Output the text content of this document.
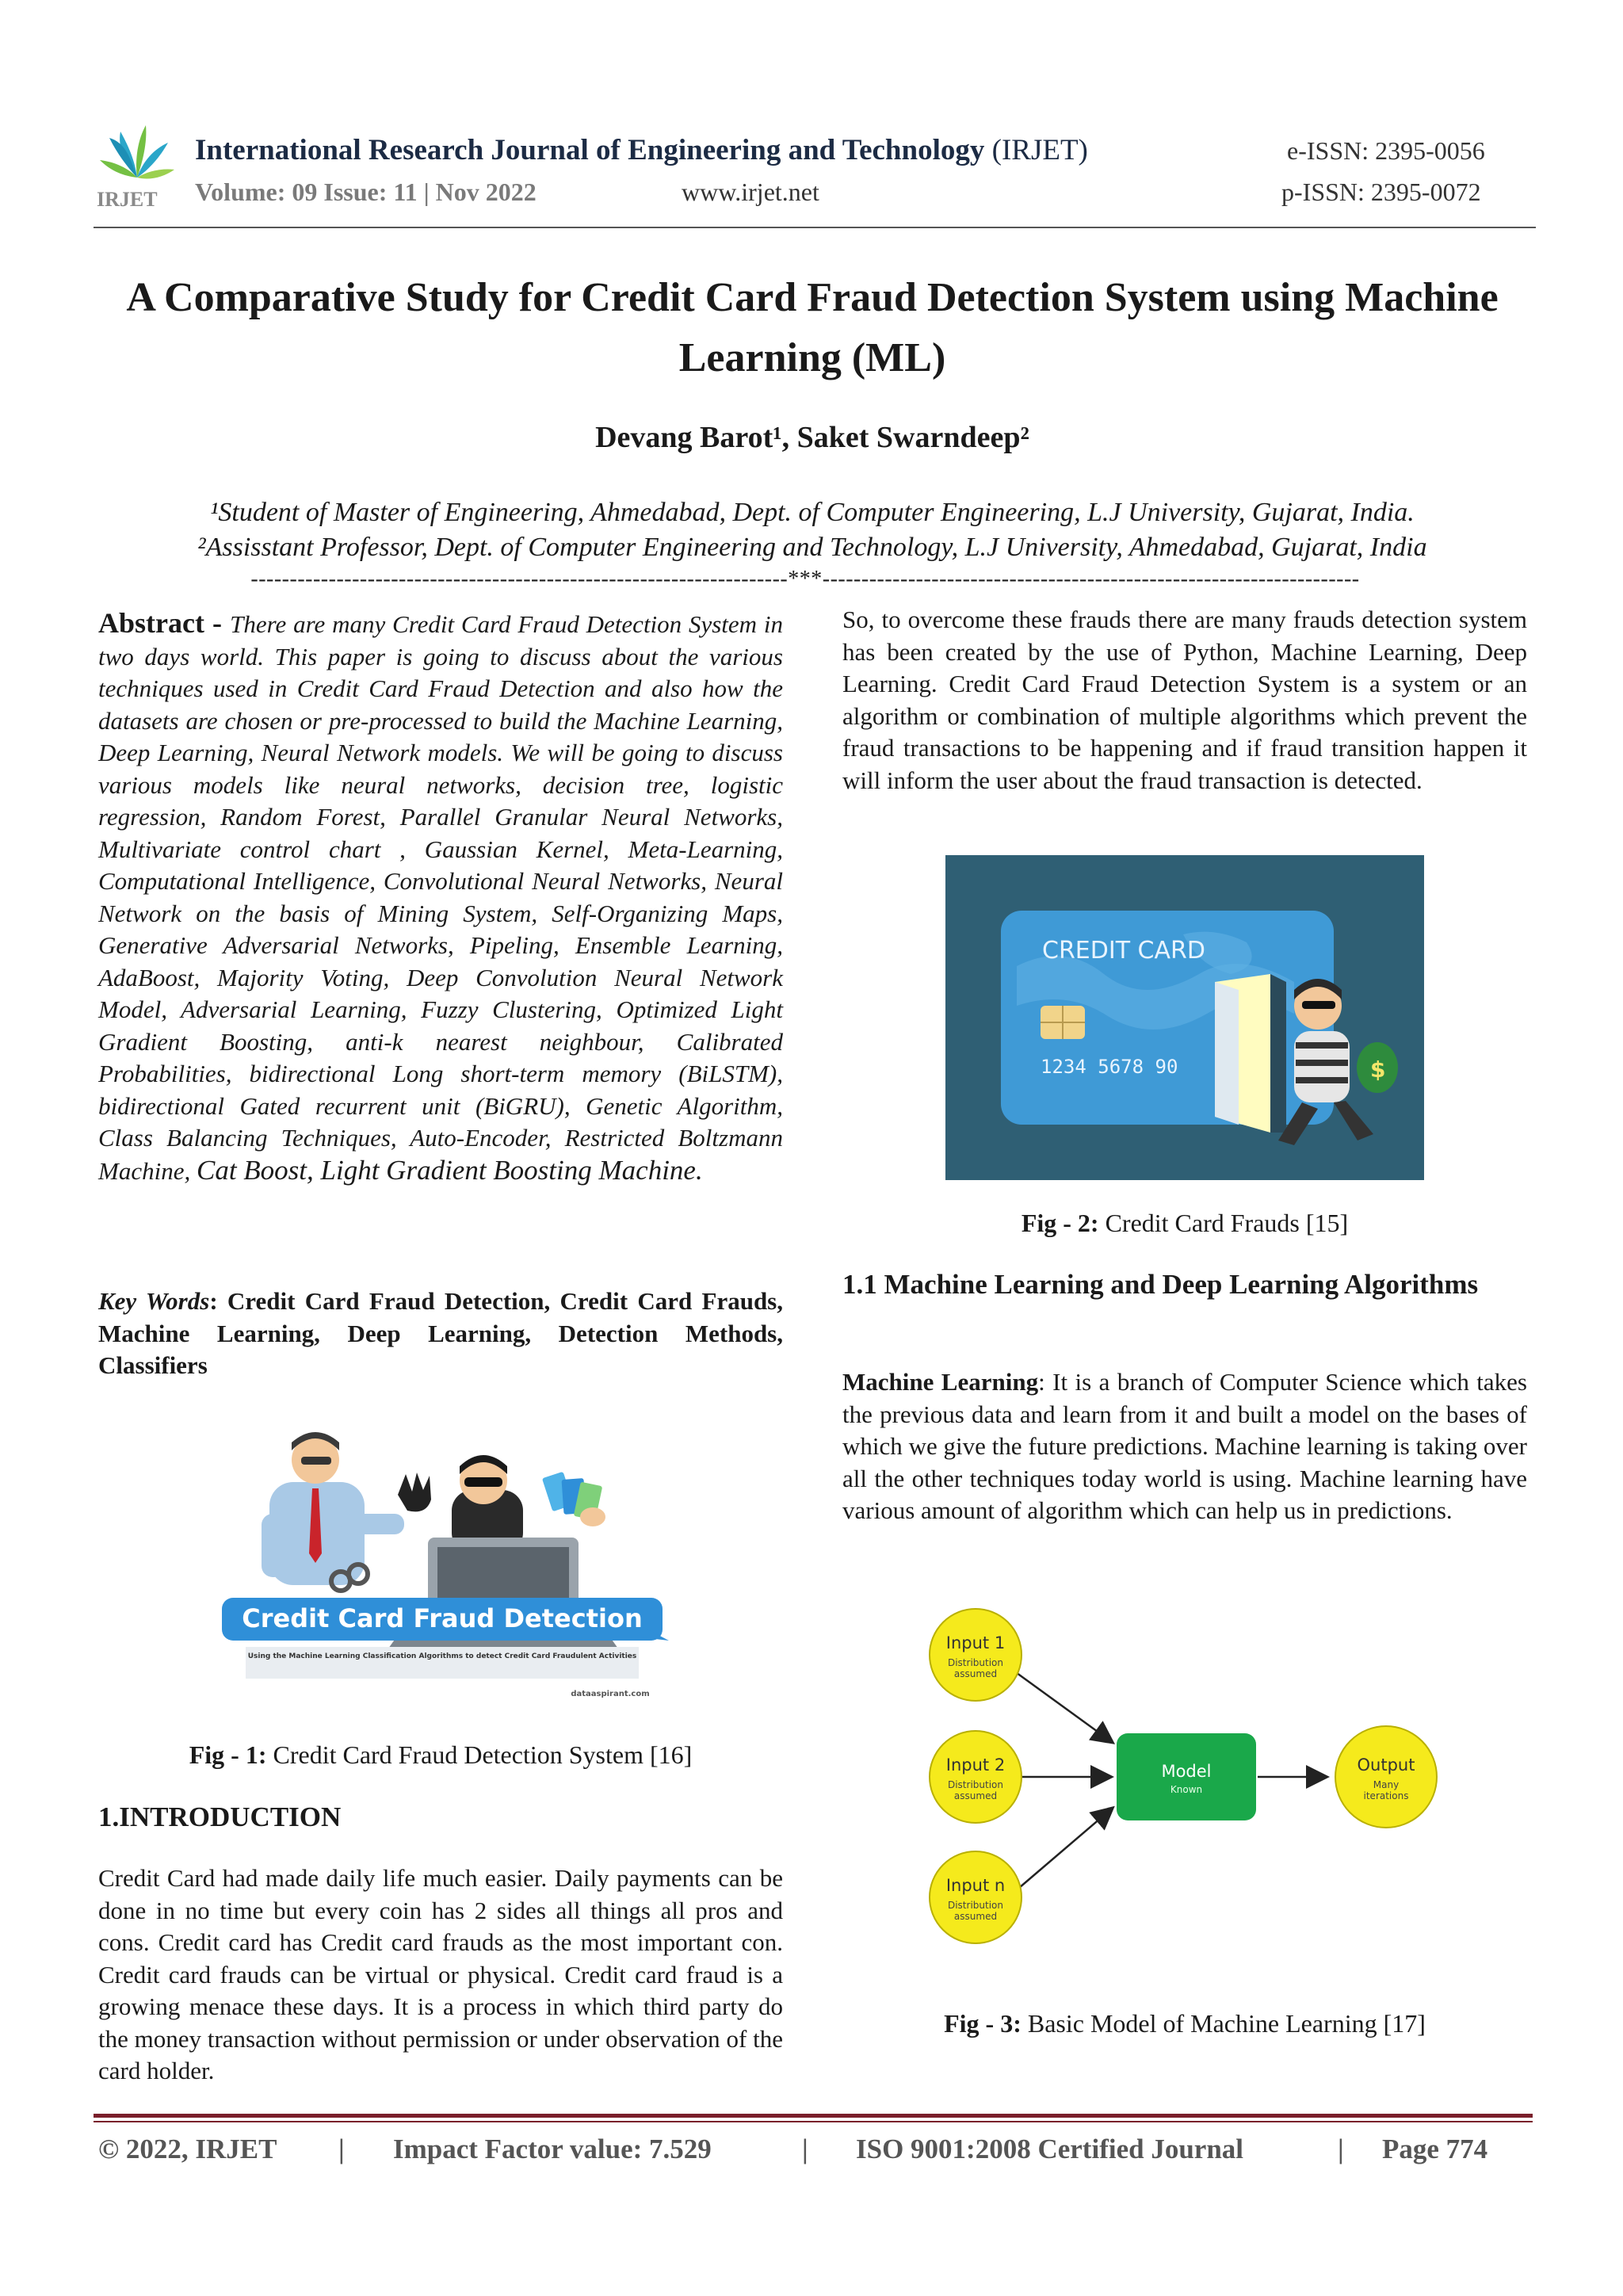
IRJET
International Research Journal of Engineering and Technology (IRJET)	e-ISSN: 2395-0056
Volume: 09 Issue: 11 | Nov 2022	www.irjet.net	p-ISSN: 2395-0072
A Comparative Study for Credit Card Fraud Detection System using Machine Learning (ML)
Devang Barot¹, Saket Swarndeep²
¹Student of Master of Engineering, Ahmedabad, Dept. of Computer Engineering, L.J University, Gujarat, India.
²Assisstant Professor, Dept. of Computer Engineering and Technology, L.J University, Ahmedabad, Gujarat, India
---------------------------------------------------------------------***---------------------------------------------------------------------
Abstract - There are many Credit Card Fraud Detection System in two days world. This paper is going to discuss about the various techniques used in Credit Card Fraud Detection and also how the datasets are chosen or pre-processed to build the Machine Learning, Deep Learning, Neural Network models. We will be going to discuss various models like neural networks, decision tree, logistic regression, Random Forest, Parallel Granular Neural Networks, Multivariate control chart , Gaussian Kernel, Meta-Learning, Computational Intelligence, Convolutional Neural Networks, Neural Network on the basis of Mining System, Self-Organizing Maps, Generative Adversarial Networks, Pipeling, Ensemble Learning, AdaBoost, Majority Voting, Deep Convolution Neural Network Model, Adversarial Learning, Fuzzy Clustering, Optimized Light Gradient Boosting, anti-k nearest neighbour, Calibrated Probabilities, bidirectional Long short-term memory (BiLSTM), bidirectional Gated recurrent unit (BiGRU), Genetic Algorithm, Class Balancing Techniques, Auto-Encoder, Restricted Boltzmann Machine, Cat Boost, Light Gradient Boosting Machine.
Key Words: Credit Card Fraud Detection, Credit Card Frauds, Machine Learning, Deep Learning, Detection Methods, Classifiers
Credit Card Fraud Detection
Using the Machine Learning Classification Algorithms to detect Credit Card Fraudulent Activities
dataaspirant.com
Fig - 1: Credit Card Fraud Detection System [16]
1.INTRODUCTION
Credit Card had made daily life much easier. Daily payments can be done in no time but every coin has 2 sides all things all pros and cons. Credit card has Credit card frauds as the most important con. Credit card frauds can be virtual or physical. Credit card fraud is a growing menace these days. It is a process in which third party do the money transaction without permission or under observation of the card holder.
So, to overcome these frauds there are many frauds detection system has been created by the use of Python, Machine Learning, Deep Learning. Credit Card Fraud Detection System is a system or an algorithm or combination of multiple algorithms which prevent the fraud transactions to be happening and if fraud transition happen it will inform the user about the fraud transaction is detected.
CREDIT CARD
1234 5678 90	$
Fig - 2: Credit Card Frauds [15]
1.1 Machine Learning and Deep Learning Algorithms
Machine Learning: It is a branch of Computer Science which takes the previous data and learn from it and built a model on the bases of which we give the future predictions. Machine learning is taking over all the other techniques today world is using. Machine learning have various amount of algorithm which can help us in predictions.
Input 1
Distribution
assumed
Input 2
Distribution
assumed
Input n
Distribution
assumed
Model
Known
Output
Many
iterations
Fig - 3: Basic Model of Machine Learning [17]
© 2022, IRJET | Impact Factor value: 7.529	| ISO 9001:2008 Certified Journal	| Page 774
